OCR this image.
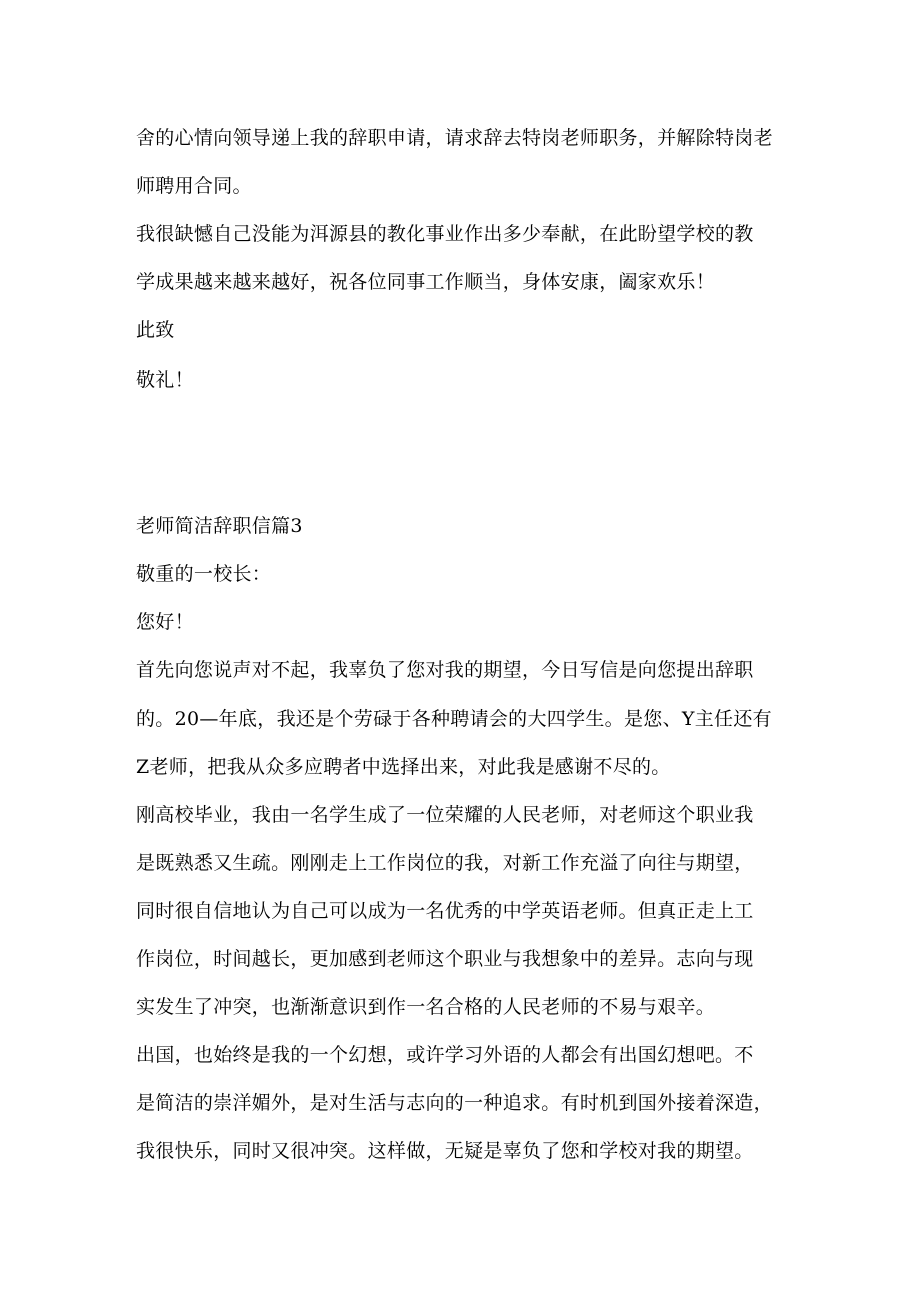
舍的心情向领导递上我的辞职申请，请求辞去特岗老师职务，并解除特岗老
师聘用合同。
我很缺憾自己没能为洱源县的教化事业作出多少奉献，在此盼望学校的教
学成果越来越来越好，祝各位同事工作顺当，身体安康，阖家欢乐！
此致
敬礼！
老师简洁辞职信篇3
敬重的一校长：
您好！
首先向您说声对不起，我辜负了您对我的期望，今日写信是向您提出辞职
的。20—年底，我还是个劳碌于各种聘请会的大四学生。是您、Y主任还有
Z老师，把我从众多应聘者中选择出来，对此我是感谢不尽的。
刚高校毕业，我由一名学生成了一位荣耀的人民老师，对老师这个职业我
是既熟悉又生疏。刚刚走上工作岗位的我，对新工作充溢了向往与期望，
同时很自信地认为自己可以成为一名优秀的中学英语老师。但真正走上工
作岗位，时间越长，更加感到老师这个职业与我想象中的差异。志向与现
实发生了冲突，也渐渐意识到作一名合格的人民老师的不易与艰辛。
出国，也始终是我的一个幻想，或许学习外语的人都会有出国幻想吧。不
是简洁的崇洋媚外，是对生活与志向的一种追求。有时机到国外接着深造，
我很快乐，同时又很冲突。这样做，无疑是辜负了您和学校对我的期望。
